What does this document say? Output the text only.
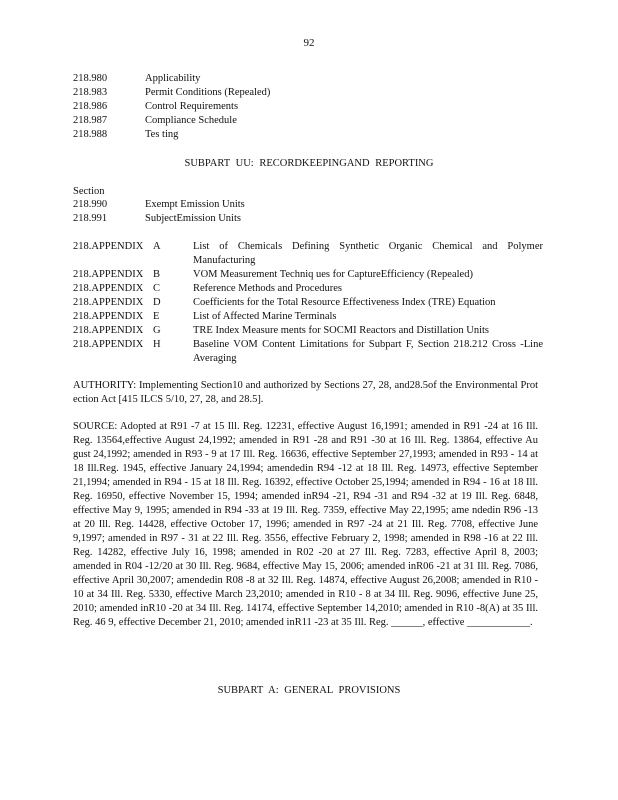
92
218.980	Applicability
218.983	Permit Conditions (Repealed)
218.986	Control Requirements
218.987	Compliance Schedule
218.988	Tes ting
SUBPART UU: RECORDKEEPINGAND REPORTING
Section
218.990	Exempt Emission Units
218.991	SubjectEmission Units
218.APPENDIX A	List of Chemicals Defining Synthetic Organic Chemical and Polymer Manufacturing
218.APPENDIX B	VOM Measurement Techniq ues for CaptureEfficiency (Repealed)
218.APPENDIX C	Reference Methods and Procedures
218.APPENDIX D	Coefficients for the Total Resource Effectiveness Index (TRE) Equation
218.APPENDIX E	List of Affected Marine Terminals
218.APPENDIX G	TRE Index Measure ments for SOCMI Reactors and Distillation Units
218.APPENDIX H	Baseline VOM Content Limitations for Subpart F, Section 218.212 Cross -Line Averaging
AUTHORITY: Implementing Section10 and authorized by Sections 27, 28, and28.5of the Environmental Prot ection Act [415 ILCS 5/10, 27, 28, and 28.5].
SOURCE: Adopted at R91 -7 at 15 Ill. Reg. 12231, effective August 16,1991; amended in R91 -24 at 16 Ill. Reg. 13564,effective August 24,1992; amended in R91 -28 and R91 -30 at 16 Ill. Reg. 13864, effective Au gust 24,1992; amended in R93 - 9 at 17 Ill. Reg. 16636, effective September 27,1993; amended in R93 - 14 at 18 Ill.Reg. 1945, effective January 24,1994; amendedin R94 -12 at 18 Ill. Reg. 14973, effective September 21,1994; amended in R94 - 15 at 18 Ill. Reg. 16392, effective October 25,1994; amended in R94 - 16 at 18 Ill. Reg. 16950, effective November 15, 1994; amended inR94 -21, R94 -31 and R94 -32 at 19 Ill. Reg. 6848, effective May 9, 1995; amended in R94 -33 at 19 Ill. Reg. 7359, effective May 22,1995; ame ndedin R96 -13 at 20 Ill. Reg. 14428, effective October 17, 1996; amended in R97 -24 at 21 Ill. Reg. 7708, effective June 9,1997; amended in R97 - 31 at 22 Ill. Reg. 3556, effective February 2, 1998; amended in R98 -16 at 22 Ill. Reg. 14282, effective July 16, 1998; amended in R02 -20 at 27 Ill. Reg. 7283, effective April 8, 2003; amended in R04 -12/20 at 30 Ill. Reg. 9684, effective May 15, 2006; amended inR06 -21 at 31 Ill. Reg. 7086, effective April 30,2007; amendedin R08 -8 at 32 Ill. Reg. 14874, effective August 26,2008; amended in R10 - 10 at 34 Ill. Reg. 5330, effective March 23,2010; amended in R10 - 8 at 34 Ill. Reg. 9096, effective June 25, 2010; amended inR10 -20 at 34 Ill. Reg. 14174, effective September 14,2010; amended in R10 -8(A) at 35 Ill. Reg. 46 9, effective December 21, 2010; amended inR11 -23 at 35 Ill. Reg. ______, effective ____________.
SUBPART A: GENERAL PROVISIONS
